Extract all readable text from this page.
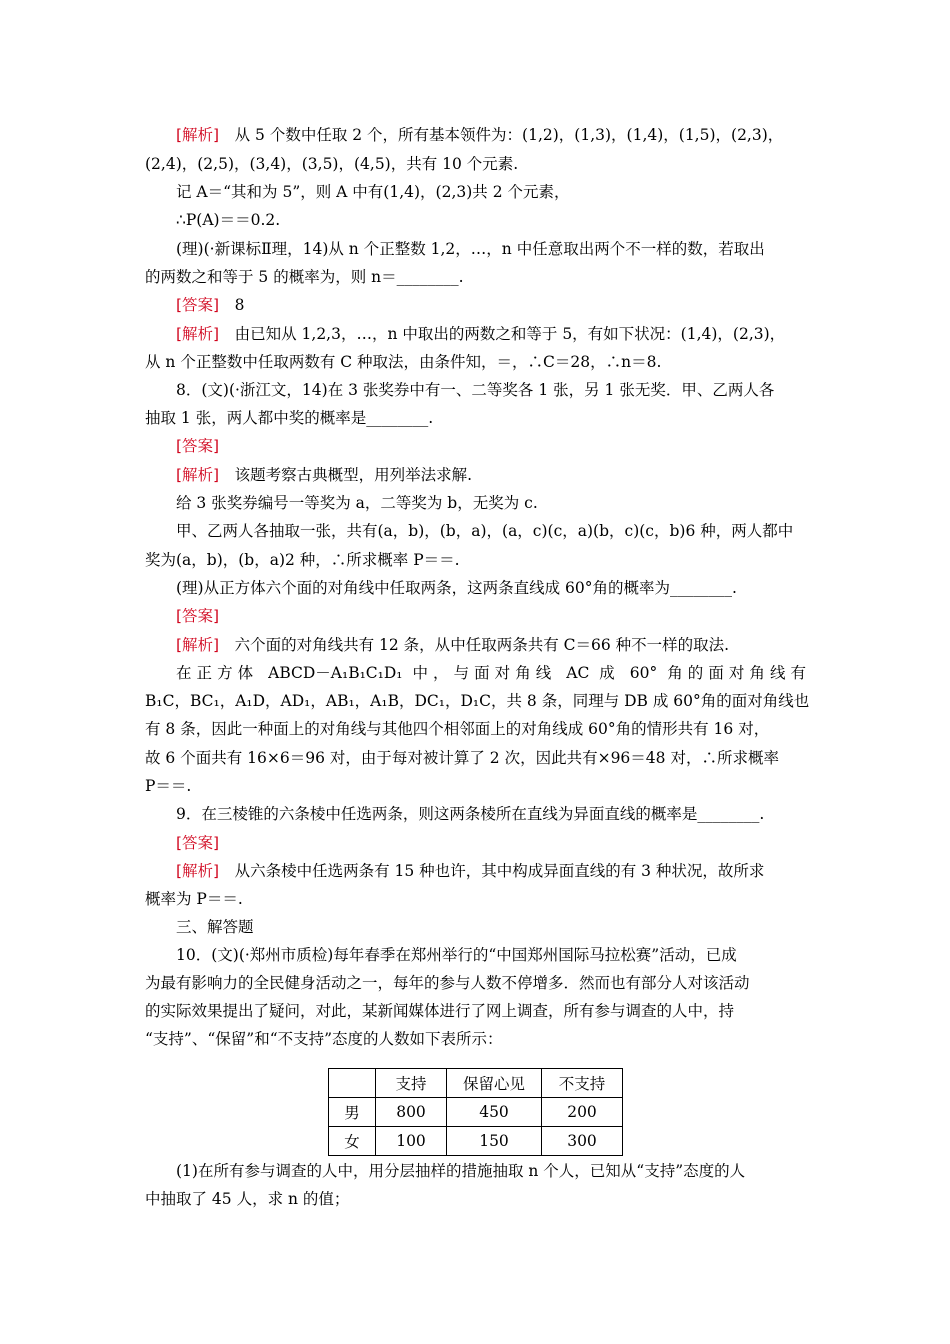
[解析]　从 5 个数中任取 2 个，所有基本领件为：(1,2)，(1,3)，(1,4)，(1,5)，(2,3)，
(2,4)，(2,5)，(3,4)，(3,5)，(4,5)，共有 10 个元素.
记 A＝“其和为 5”，则 A 中有(1,4)，(2,3)共 2 个元素，
∴P(A)＝＝0.2.
(理)(·新课标Ⅱ理，14)从 n 个正整数 1,2，…，n 中任意取出两个不一样的数，若取出
的两数之和等于 5 的概率为，则 n＝________.
[答案]　8
[解析]　由已知从 1,2,3，…，n 中取出的两数之和等于 5，有如下状况：(1,4)，(2,3)，
从 n 个正整数中任取两数有 C 种取法，由条件知，＝，∴C＝28，∴n＝8.
8．(文)(·浙江文，14)在 3 张奖券中有一、二等奖各 1 张，另 1 张无奖．甲、乙两人各
抽取 1 张，两人都中奖的概率是________.
[答案]
[解析]　该题考察古典概型，用列举法求解.
给 3 张奖券编号一等奖为 a，二等奖为 b，无奖为 c.
甲、乙两人各抽取一张，共有(a，b)，(b，a)，(a，c)(c，a)(b，c)(c，b)6 种，两人都中
奖为(a，b)，(b，a)2 种，∴所求概率 P＝＝.
(理)从正方体六个面的对角线中任取两条，这两条直线成 60°角的概率为________.
[答案]
[解析]　六个面的对角线共有 12 条，从中任取两条共有 C＝66 种不一样的取法.
在正方体 ABCD－A₁B₁C₁D₁ 中，与面对角线 AC 成 60° 角的面对角线有
B₁C，BC₁，A₁D，AD₁，AB₁，A₁B，DC₁，D₁C，共 8 条，同理与 DB 成 60°角的面对角线也
有 8 条，因此一种面上的对角线与其他四个相邻面上的对角线成 60°角的情形共有 16 对，
故 6 个面共有 16×6＝96 对，由于每对被计算了 2 次，因此共有×96＝48 对，∴所求概率
P＝＝.
9．在三棱锥的六条棱中任选两条，则这两条棱所在直线为异面直线的概率是________.
[答案]
[解析]　从六条棱中任选两条有 15 种也许，其中构成异面直线的有 3 种状况，故所求
概率为 P＝＝.
三、解答题
10．(文)(·郑州市质检)每年春季在郑州举行的“中国郑州国际马拉松赛”活动，已成
为最有影响力的全民健身活动之一，每年的参与人数不停增多．然而也有部分人对该活动
的实际效果提出了疑问，对此，某新闻媒体进行了网上调查，所有参与调查的人中，持
“支持”、“保留”和“不支持”态度的人数如下表所示：
(1)在所有参与调查的人中，用分层抽样的措施抽取 n 个人，已知从“支持”态度的人
中抽取了 45 人，求 n 的值；
	支持	保留心见	不支持
男	800	450	200
女	100	150	300
